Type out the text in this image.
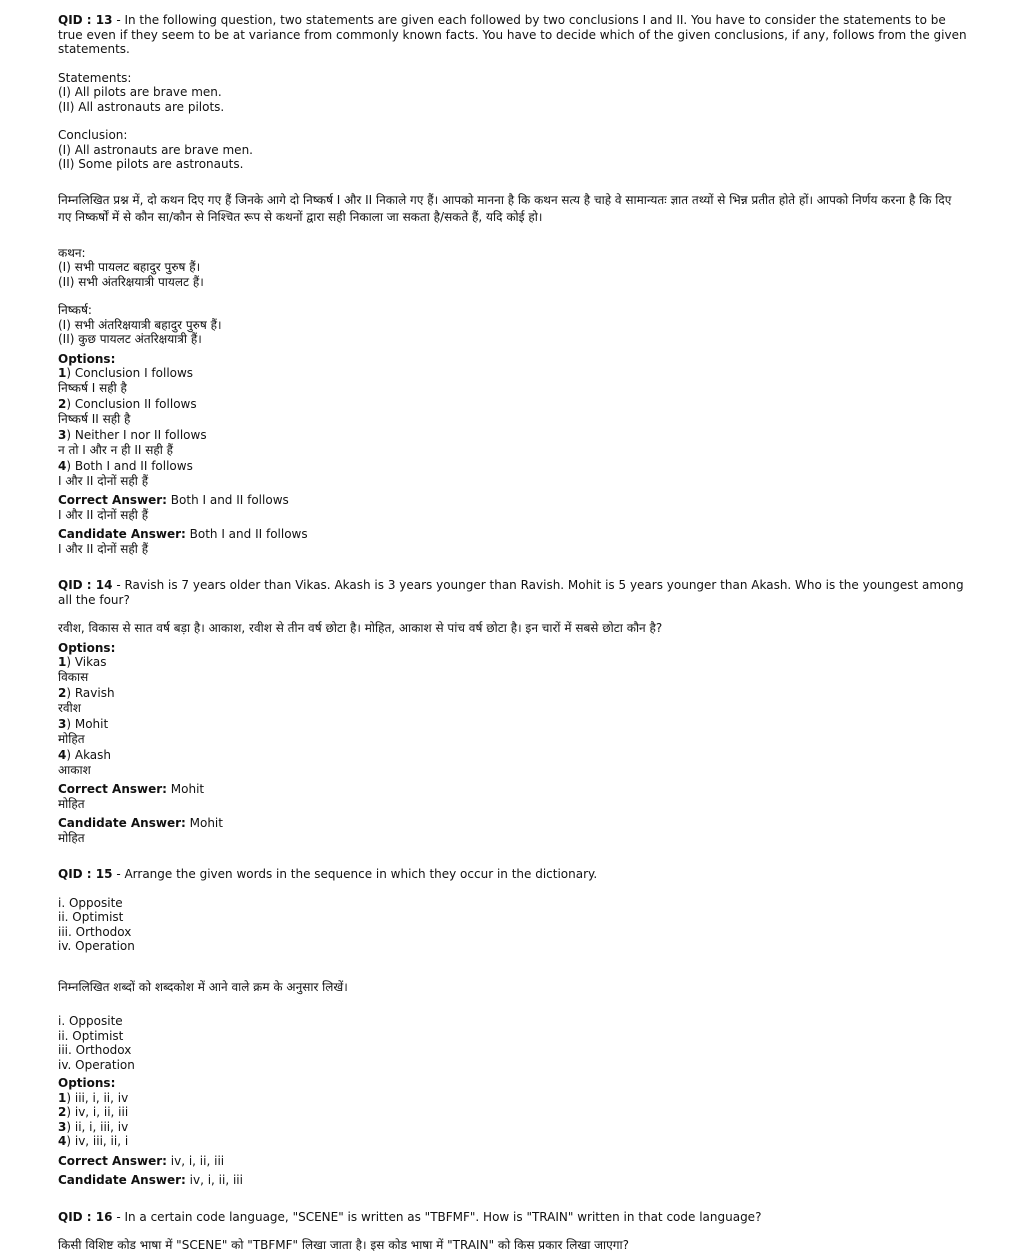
QID : 13 - In the following question, two statements are given each followed by two conclusions I and II. You have to consider the statements to be true even if they seem to be at variance from commonly known facts. You have to decide which of the given conclusions, if any, follows from the given statements.

Statements:
(I) All pilots are brave men.
(II) All astronauts are pilots.
Conclusion:
(I) All astronauts are brave men.
(II) Some pilots are astronauts.

निम्नलिखित प्रश्न में, दो कथन दिए गए हैं जिनके आगे दो निष्कर्ष I और II निकाले गए हैं। आपको मानना है कि कथन सत्य है चाहे वे सामान्यतः ज्ञात तथ्यों से भिन्न प्रतीत होते हों। आपको निर्णय करना है कि दिए गए निष्कर्षों में से कौन सा/कौन से निश्चित रूप से कथनों द्वारा सही निकाला जा सकता है/सकते हैं, यदि कोई हो।

कथन:
(I) सभी पायलट बहादुर पुरुष हैं।
(II) सभी अंतरिक्षयात्री पायलट हैं।
निष्कर्ष:
(I) सभी अंतरिक्षयात्री बहादुर पुरुष हैं।
(II) कुछ पायलट अंतरिक्षयात्री हैं।
Options:
1) Conclusion I follows
निष्कर्ष I सही है
2) Conclusion II follows
निष्कर्ष II सही है
3) Neither I nor II follows
न तो I और न ही II सही हैं
4) Both I and II follows
I और II दोनों सही हैं
Correct Answer: Both I and II follows
I और II दोनों सही हैं
Candidate Answer: Both I and II follows
I और II दोनों सही हैं

QID : 14 - Ravish is 7 years older than Vikas. Akash is 3 years younger than Ravish. Mohit is 5 years younger than Akash. Who is the youngest among all the four?

रवीश, विकास से सात वर्ष बड़ा है। आकाश, रवीश से तीन वर्ष छोटा है। मोहित, आकाश से पांच वर्ष छोटा है। इन चारों में सबसे छोटा कौन है?

Options:
1) Vikas
विकास
2) Ravish
रवीश
3) Mohit
मोहित
4) Akash
आकाश
Correct Answer: Mohit
मोहित
Candidate Answer: Mohit
मोहित

QID : 15 - Arrange the given words in the sequence in which they occur in the dictionary.

i. Opposite
ii. Optimist
iii. Orthodox
iv. Operation

निम्नलिखित शब्दों को शब्दकोश में आने वाले क्रम के अनुसार लिखें।

i. Opposite
ii. Optimist
iii. Orthodox
iv. Operation
Options:
1) iii, i, ii, iv
2) iv, i, ii, iii
3) ii, i, iii, iv
4) iv, iii, ii, i
Correct Answer: iv, i, ii, iii
Candidate Answer: iv, i, ii, iii

QID : 16 - In a certain code language, "SCENE" is written as "TBFMF". How is "TRAIN" written in that code language?

किसी विशिष्ट कोड भाषा में "SCENE" को "TBFMF" लिखा जाता है। इस कोड भाषा में "TRAIN" को किस प्रकार लिखा जाएगा?
